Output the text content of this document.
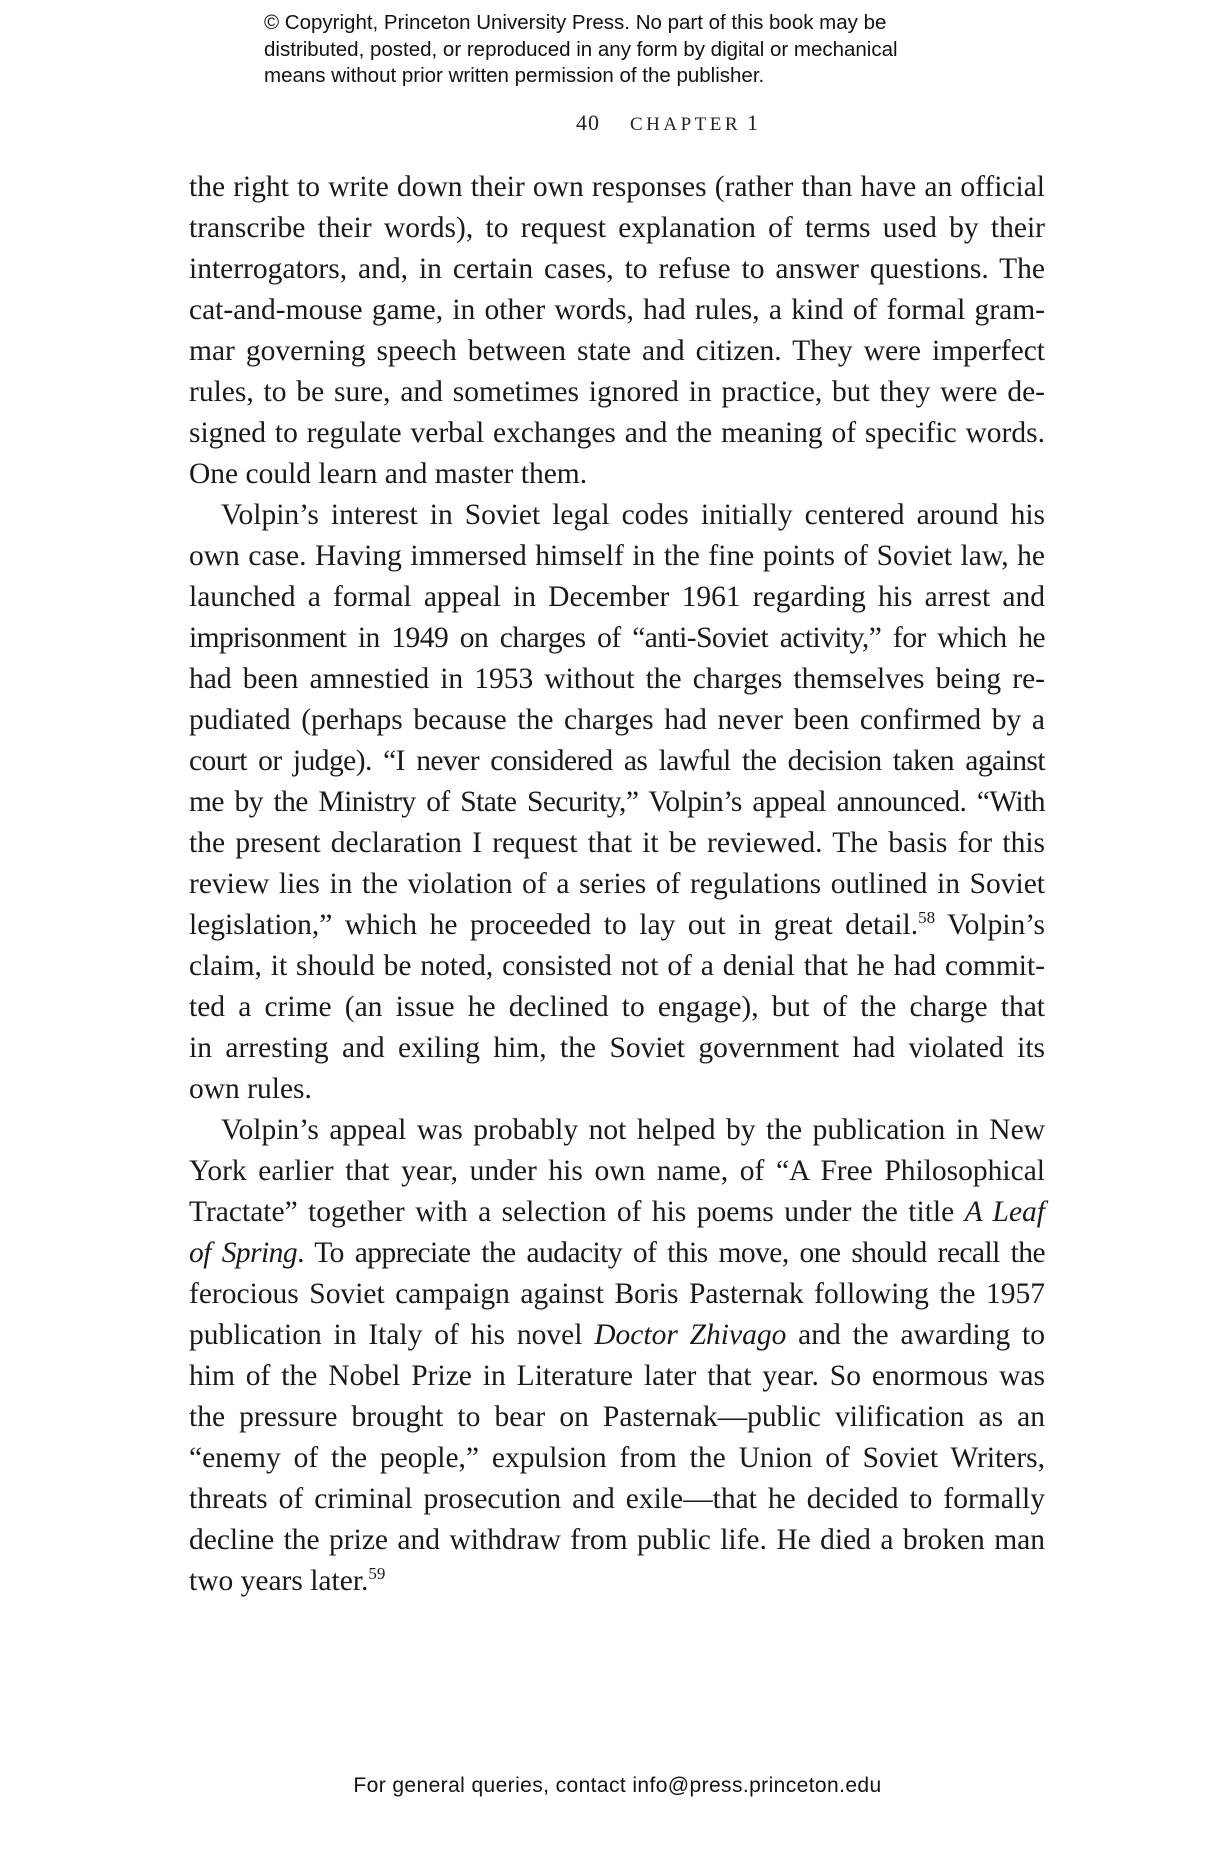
© Copyright, Princeton University Press. No part of this book may be
distributed, posted, or reproduced in any form by digital or mechanical
means without prior written permission of the publisher.
40 CHAPTER 1
the right to write down their own responses (rather than have an official
transcribe their words), to request explanation of terms used by their
interrogators, and, in certain cases, to refuse to answer questions. The
cat-and-mouse game, in other words, had rules, a kind of formal gram-
mar governing speech between state and citizen. They were imperfect
rules, to be sure, and sometimes ignored in practice, but they were de-
signed to regulate verbal exchanges and the meaning of specific words.
One could learn and master them.
Volpin’s interest in Soviet legal codes initially centered around his
own case. Having immersed himself in the fine points of Soviet law, he
launched a formal appeal in December 1961 regarding his arrest and
imprisonment in 1949 on charges of “anti-Soviet activity,” for which he
had been amnestied in 1953 without the charges themselves being re-
pudiated (perhaps because the charges had never been confirmed by a
court or judge). “I never considered as lawful the decision taken against
me by the Ministry of State Security,” Volpin’s appeal announced. “With
the present declaration I request that it be reviewed. The basis for this
review lies in the violation of a series of regulations outlined in Soviet
legislation,” which he proceeded to lay out in great detail.$^{58}$ Volpin’s
claim, it should be noted, consisted not of a denial that he had commit-
ted a crime (an issue he declined to engage), but of the charge that
in arresting and exiling him, the Soviet government had violated its
own rules.
Volpin’s appeal was probably not helped by the publication in New
York earlier that year, under his own name, of “A Free Philosophical
Tractate” together with a selection of his poems under the title A Leaf
of Spring. To appreciate the audacity of this move, one should recall the
ferocious Soviet campaign against Boris Pasternak following the 1957
publication in Italy of his novel Doctor Zhivago and the awarding to
him of the Nobel Prize in Literature later that year. So enormous was
the pressure brought to bear on Pasternak—public vilification as an
“enemy of the people,” expulsion from the Union of Soviet Writers,
threats of criminal prosecution and exile—that he decided to formally
decline the prize and withdraw from public life. He died a broken man
two years later.$^{59}$
For general queries, contact info@press.princeton.edu
